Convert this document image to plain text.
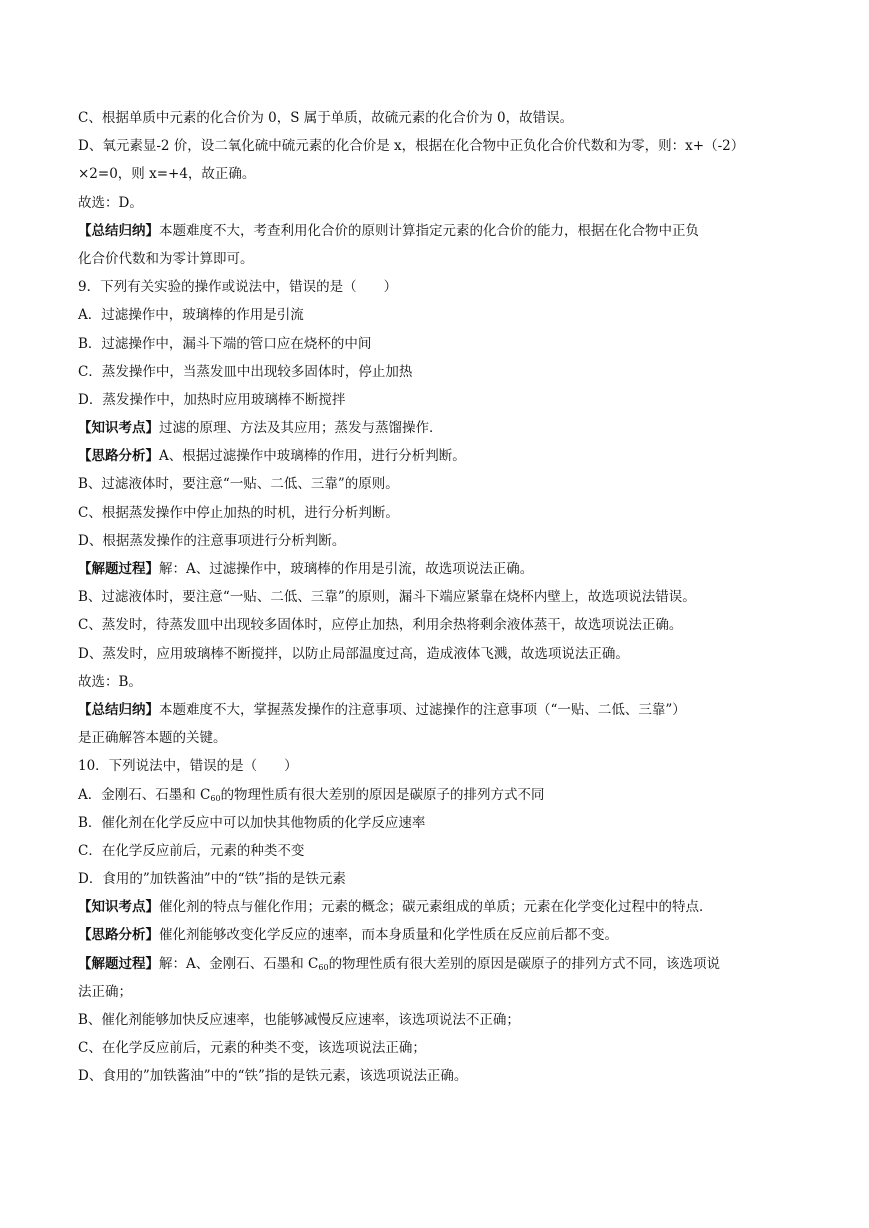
C、根据单质中元素的化合价为 0，S 属于单质，故硫元素的化合价为 0，故错误。
D、氧元素显-2 价，设二氧化硫中硫元素的化合价是 x，根据在化合物中正负化合价代数和为零，则：x+（-2）
×2=0，则 x=+4，故正确。
故选：D。
【总结归纳】本题难度不大，考查利用化合价的原则计算指定元素的化合价的能力，根据在化合物中正负
化合价代数和为零计算即可。
9．下列有关实验的操作或说法中，错误的是（　　）
A．过滤操作中，玻璃棒的作用是引流
B．过滤操作中，漏斗下端的管口应在烧杯的中间
C．蒸发操作中，当蒸发皿中出现较多固体时，停止加热
D．蒸发操作中，加热时应用玻璃棒不断搅拌
【知识考点】过滤的原理、方法及其应用；蒸发与蒸馏操作．
【思路分析】A、根据过滤操作中玻璃棒的作用，进行分析判断。
B、过滤液体时，要注意“一贴、二低、三靠”的原则。
C、根据蒸发操作中停止加热的时机，进行分析判断。
D、根据蒸发操作的注意事项进行分析判断。
【解题过程】解：A、过滤操作中，玻璃棒的作用是引流，故选项说法正确。
B、过滤液体时，要注意“一贴、二低、三靠”的原则，漏斗下端应紧靠在烧杯内壁上，故选项说法错误。
C、蒸发时，待蒸发皿中出现较多固体时，应停止加热，利用余热将剩余液体蒸干，故选项说法正确。
D、蒸发时，应用玻璃棒不断搅拌，以防止局部温度过高，造成液体飞溅，故选项说法正确。
故选：B。
【总结归纳】本题难度不大，掌握蒸发操作的注意事项、过滤操作的注意事项（“一贴、二低、三靠”）
是正确解答本题的关键。
10．下列说法中，错误的是（　　）
A．金刚石、石墨和 $C_{60}$的物理性质有很大差别的原因是碳原子的排列方式不同
B．催化剂在化学反应中可以加快其他物质的化学反应速率
C．在化学反应前后，元素的种类不变
D．食用的”加铁酱油”中的“铁”指的是铁元素
【知识考点】催化剂的特点与催化作用；元素的概念；碳元素组成的单质；元素在化学变化过程中的特点．
【思路分析】催化剂能够改变化学反应的速率，而本身质量和化学性质在反应前后都不变。
【解题过程】解：A、金刚石、石墨和 $C_{60}$的物理性质有很大差别的原因是碳原子的排列方式不同，该选项说
法正确；
B、催化剂能够加快反应速率，也能够减慢反应速率，该选项说法不正确；
C、在化学反应前后，元素的种类不变，该选项说法正确；
D、食用的”加铁酱油”中的“铁”指的是铁元素，该选项说法正确。
